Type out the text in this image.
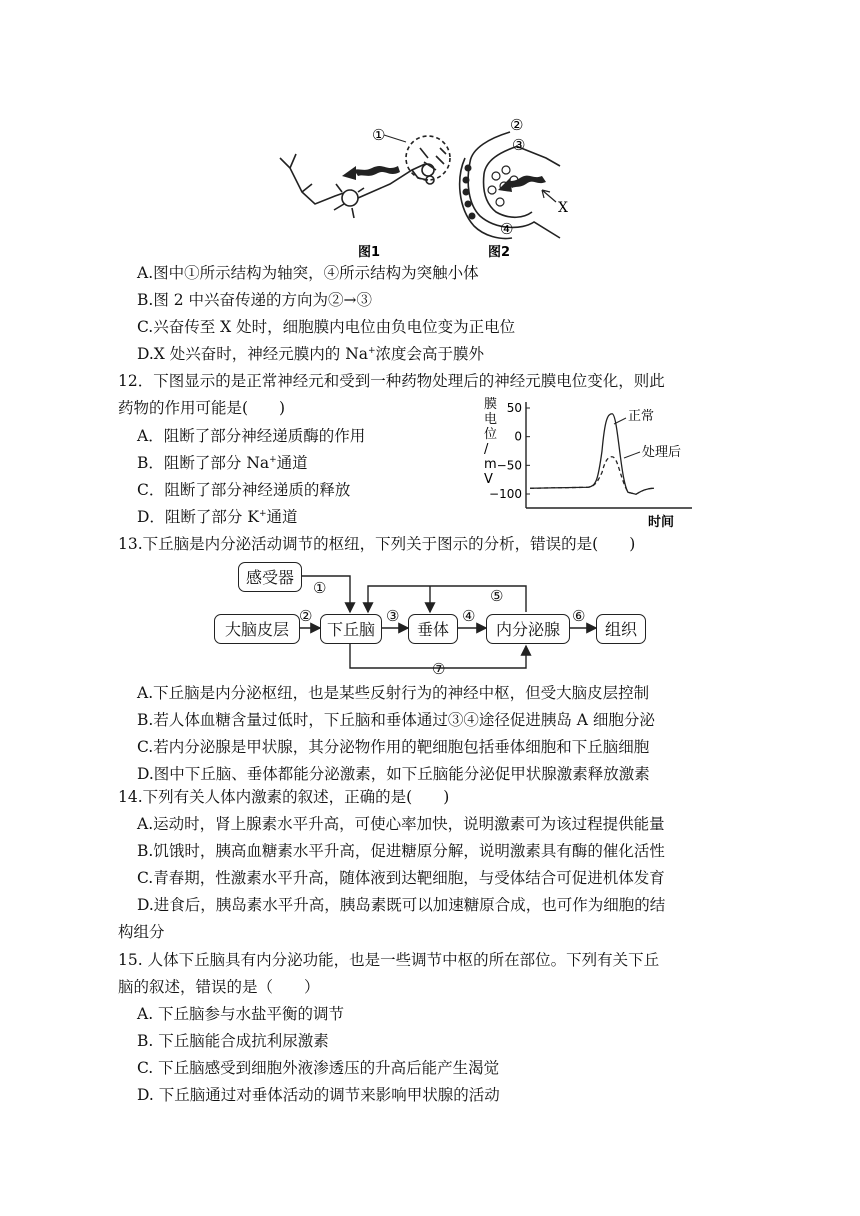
①
X
②
③
④
图1	图2
A.图中①所示结构为轴突，④所示结构为突触小体
B.图 2 中兴奋传递的方向为②→③
C.兴奋传至 X 处时，细胞膜内电位由负电位变为正电位
D.X 处兴奋时，神经元膜内的 Na+浓度会高于膜外
12．下图显示的是正常神经元和受到一种药物处理后的神经元膜电位变化，则此
药物的作用可能是(　　)
A．阻断了部分神经递质酶的作用
B．阻断了部分 Na+通道
C．阻断了部分神经递质的释放
D．阻断了部分 K+通道
膜
电
位
/
m
V
50
0
−50
−100
正常
处理后
时间
13.下丘脑是内分泌活动调节的枢纽，下列关于图示的分析，错误的是(　　)
感受器
大脑皮层	下丘脑	垂体	内分泌腺	组织
①
②	③	④
⑤
⑥
⑦
A.下丘脑是内分泌枢纽，也是某些反射行为的神经中枢，但受大脑皮层控制
B.若人体血糖含量过低时，下丘脑和垂体通过③④途径促进胰岛 A 细胞分泌
C.若内分泌腺是甲状腺，其分泌物作用的靶细胞包括垂体细胞和下丘脑细胞
D.图中下丘脑、垂体都能分泌激素，如下丘脑能分泌促甲状腺激素释放激素
14.下列有关人体内激素的叙述，正确的是(　　)
A.运动时，肾上腺素水平升高，可使心率加快，说明激素可为该过程提供能量
B.饥饿时，胰高血糖素水平升高，促进糖原分解，说明激素具有酶的催化活性
C.青春期，性激素水平升高，随体液到达靶细胞，与受体结合可促进机体发育
D.进食后，胰岛素水平升高，胰岛素既可以加速糖原合成，也可作为细胞的结
构组分
15. 人体下丘脑具有内分泌功能，也是一些调节中枢的所在部位。下列有关下丘
脑的叙述，错误的是（　　）
A. 下丘脑参与水盐平衡的调节
B. 下丘脑能合成抗利尿激素
C. 下丘脑感受到细胞外液渗透压的升高后能产生渴觉
D. 下丘脑通过对垂体活动的调节来影响甲状腺的活动
